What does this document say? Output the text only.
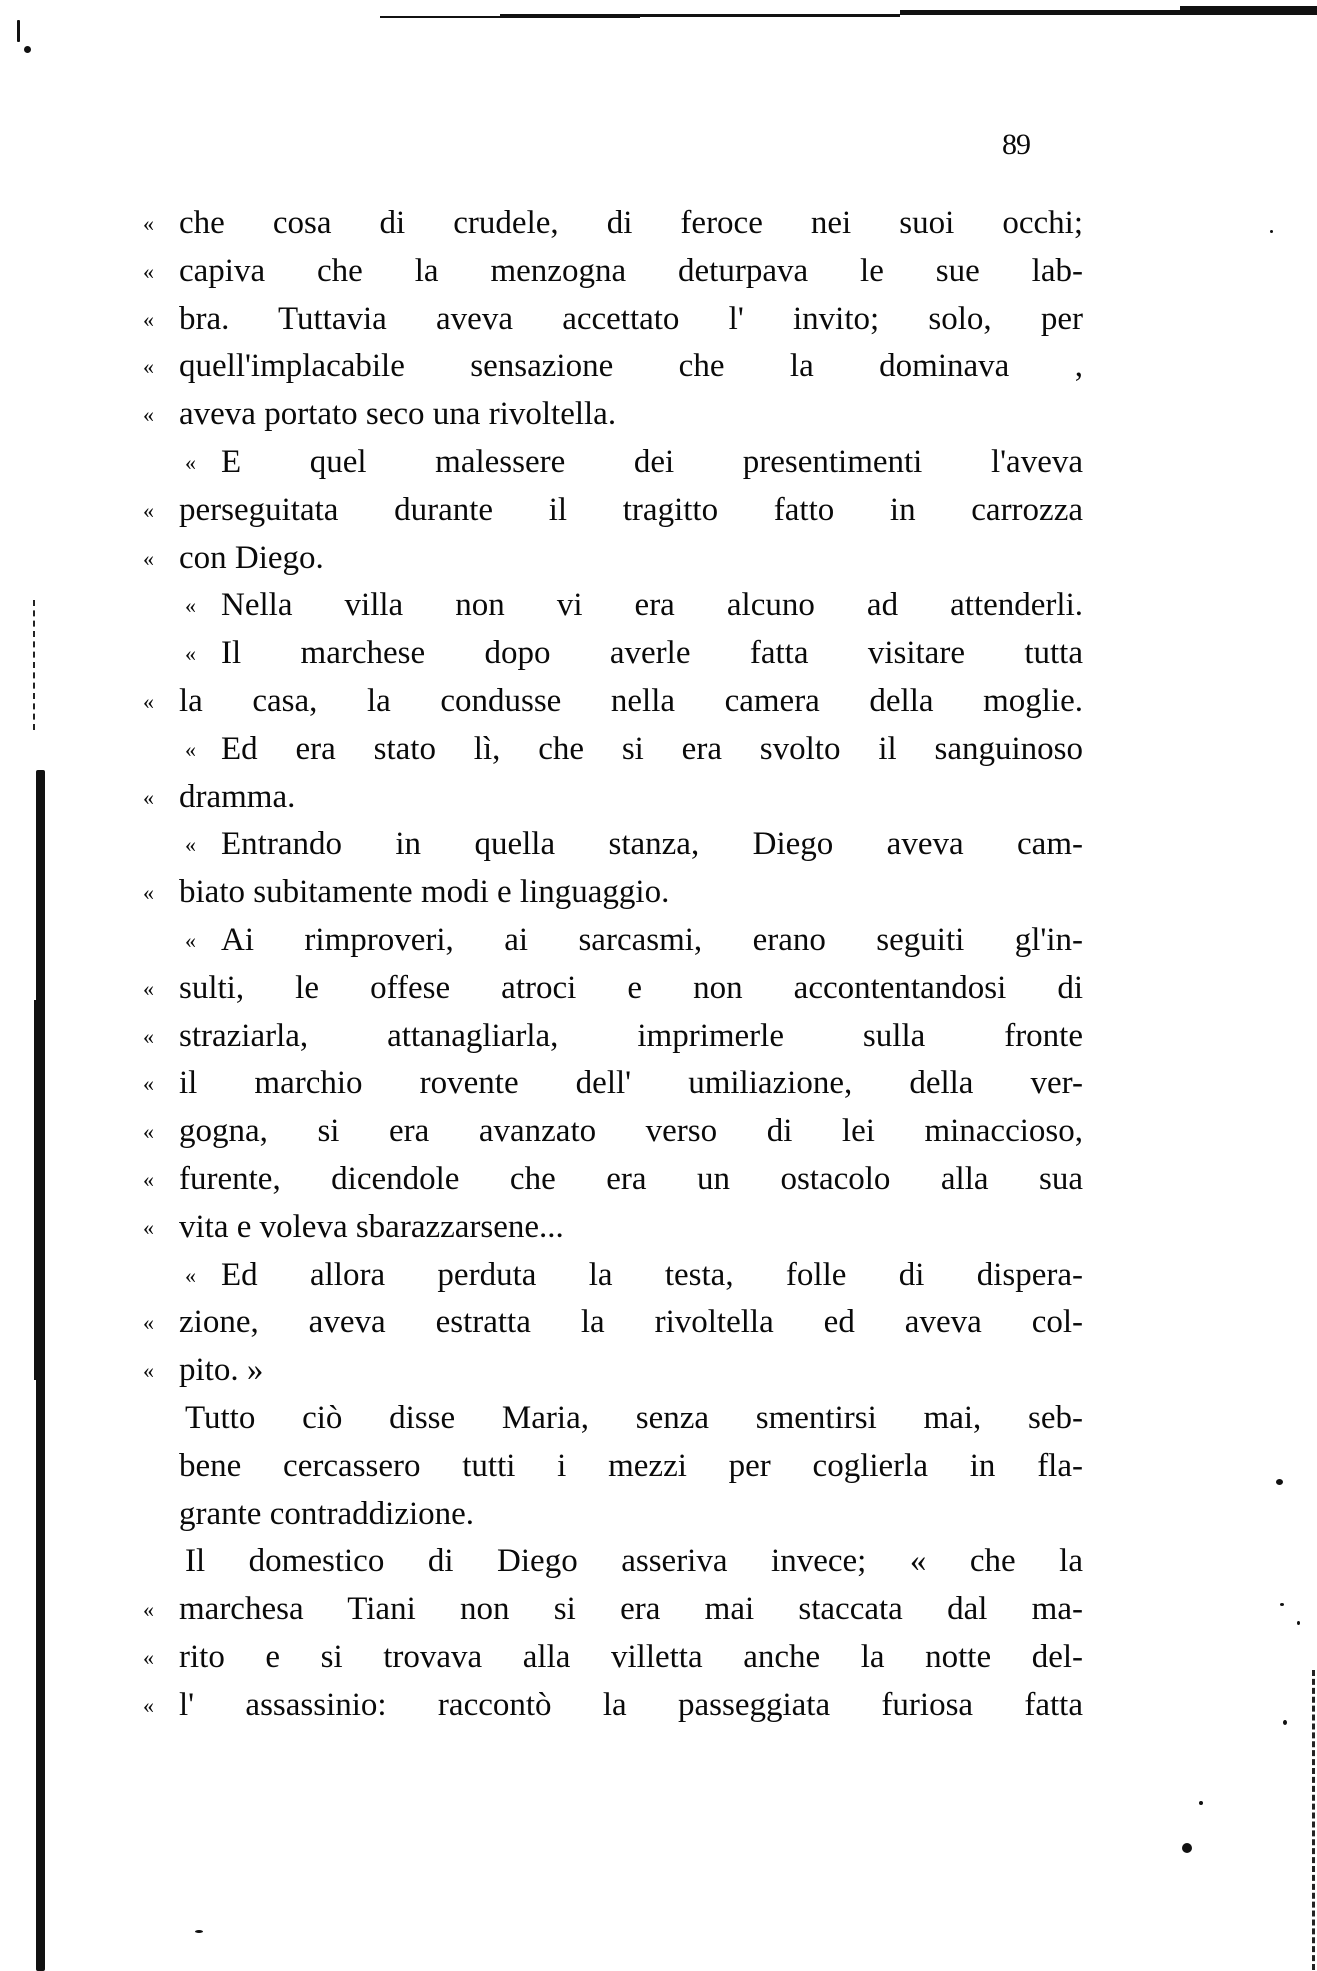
89
« che cosa di crudele, di feroce nei suoi occhi;
« capiva che la menzogna deturpava le sue lab-
« bra. Tuttavia aveva accettato l' invito; solo, per
« quell'implacabile sensazione che la dominava ,
« aveva portato seco una rivoltella.
« E quel malessere dei presentimenti l'aveva
« perseguitata durante il tragitto fatto in carrozza
« con Diego.
« Nella villa non vi era alcuno ad attenderli.
« Il marchese dopo averle fatta visitare tutta
« la casa, la condusse nella camera della moglie.
« Ed era stato lì, che si era svolto il sanguinoso
« dramma.
« Entrando in quella stanza, Diego aveva cam-
« biato subitamente modi e linguaggio.
« Ai rimproveri, ai sarcasmi, erano seguiti gl'in-
« sulti, le offese atroci e non accontentandosi di
« straziarla, attanagliarla, imprimerle sulla fronte
« il marchio rovente dell' umiliazione, della ver-
« gogna, si era avanzato verso di lei minaccioso,
« furente, dicendole che era un ostacolo alla sua
« vita e voleva sbarazzarsene...
« Ed allora perduta la testa, folle di dispera-
« zione, aveva estratta la rivoltella ed aveva col-
« pito. »
Tutto ciò disse Maria, senza smentirsi mai, seb-
bene cercassero tutti i mezzi per coglierla in fla-
grante contraddizione.
Il domestico di Diego asseriva invece; « che la
« marchesa Tiani non si era mai staccata dal ma-
« rito e si trovava alla villetta anche la notte del-
« l' assassinio: raccontò la passeggiata furiosa fatta
